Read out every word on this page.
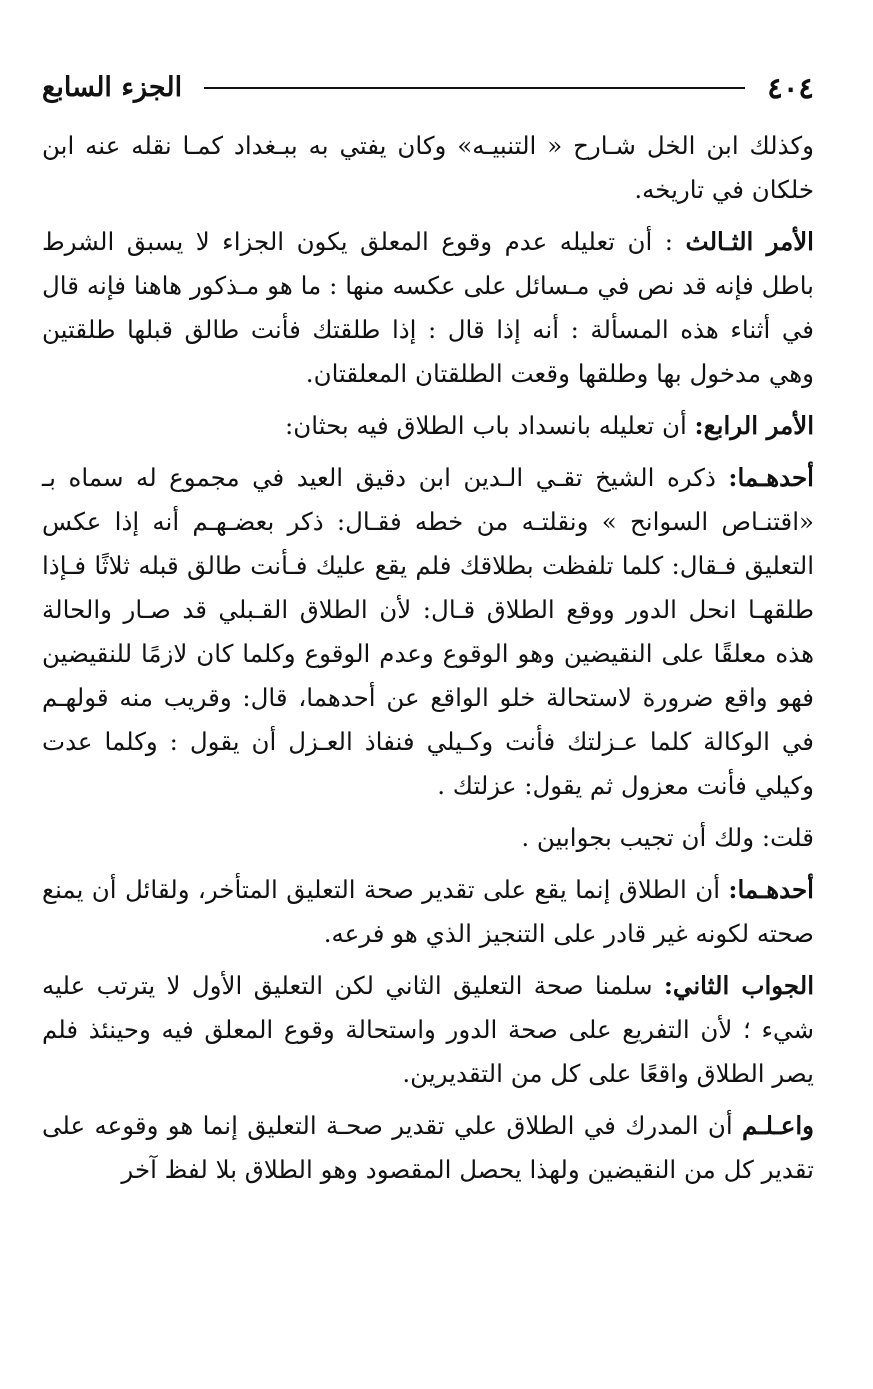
٤٠٤
الجزء السابع

وكذلك ابن الخل شـارح « التنبيـه» وكان يفتي به ببـغداد كمـا نقله عنه ابن خلكان في تاريخه.

الأمر الثـالث : أن تعليله عدم وقوع المعلق يكون الجزاء لا يسبق الشرط باطل فإنه قد نص في مـسائل على عكسه منها : ما هو مـذكور هاهنا فإنه قال في أثناء هذه المسألة : أنه إذا قال : إذا طلقتك فأنت طالق قبلها طلقتين وهي مدخول بها وطلقها وقعت الطلقتان المعلقتان.

الأمر الرابع: أن تعليله بانسداد باب الطلاق فيه بحثان:

أحدهـما: ذكره الشيخ تقـي الـدين ابن دقيق العيد في مجموع له سماه بـ «اقتنـاص السوانح » ونقلتـه من خطه فقـال: ذكر بعضـهـم أنه إذا عكس التعليق فـقال: كلما تلفظت بطلاقك فلم يقع عليك فـأنت طالق قبله ثلاثًا فـإذا طلقهـا انحل الدور ووقع الطلاق قـال: لأن الطلاق القـبلي قد صـار والحالة هذه معلقًا على النقيضين وهو الوقوع وعدم الوقوع وكلما كان لازمًا للنقيضين فهو واقع ضرورة لاستحالة خلو الواقع عن أحدهما، قال: وقريب منه قولهـم في الوكالة كلما عـزلتك فأنت وكـيلي فنفاذ العـزل أن يقول : وكلما عدت وكيلي فأنت معزول ثم يقول: عزلتك .

قلت: ولك أن تجيب بجوابين .

أحدهـما: أن الطلاق إنما يقع على تقدير صحة التعليق المتأخر، ولقائل أن يمنع صحته لكونه غير قادر على التنجيز الذي هو فرعه.

الجواب الثاني: سلمنا صحة التعليق الثاني لكن التعليق الأول لا يترتب عليه شيء ؛ لأن التفريع على صحة الدور واستحالة وقوع المعلق فيه وحينئذ فلم يصر الطلاق واقعًا على كل من التقديرين.

واعـلـم أن المدرك في الطلاق علي تقدير صحـة التعليق إنما هو وقوعه على تقدير كل من النقيضين ولهذا يحصل المقصود وهو الطلاق بلا لفظ آخر
